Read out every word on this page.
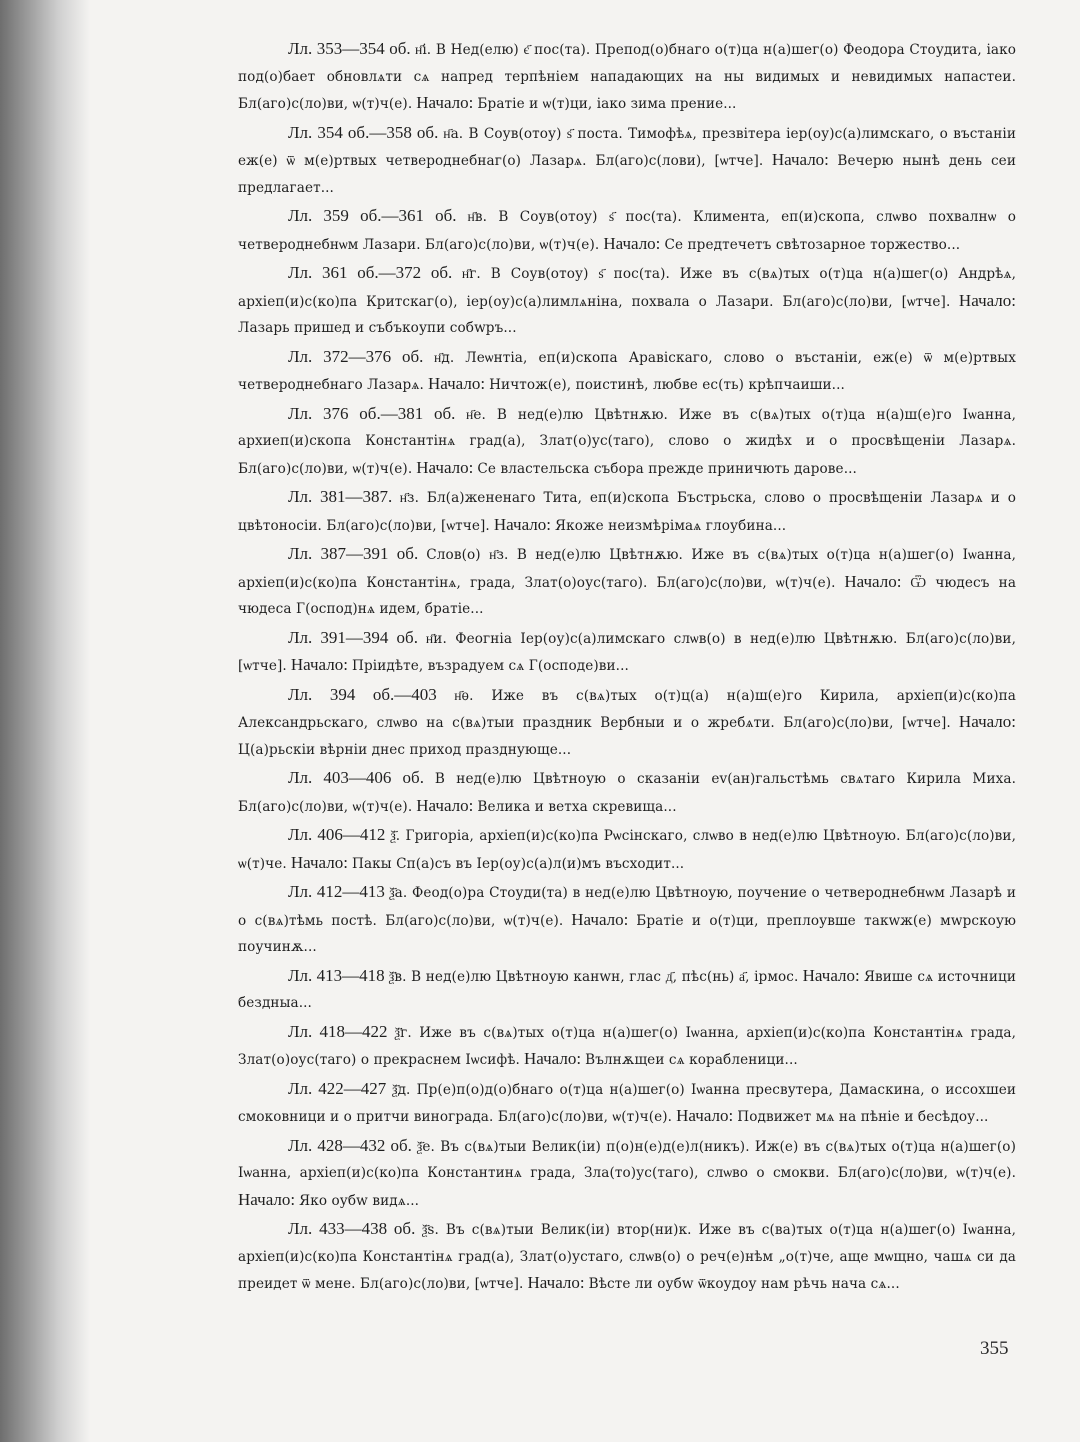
Лл. 353—354 об. н҃і. В Нед(елю) є҃ пос(та). Препод(о)бнаго о(т)ца н(а)шег(о) Феодора Стоудита, іако под(о)бает обновлѧти сѧ напред терпѣніем нападающих на ны видимых и невидимых напастеи. Бл(аго)с(ло)ви, ѡ(т)ч(е). Начало: Братіе и ѡ(т)ци, іако зима прение...

Лл. 354 об.—358 об. н҃а. В Соув(отоу) ѕ҃ поста. Тимофѣѧ, презвітера іер(оу)с(а)лимскаго, о въстаніи еж(е) ѿ м(е)ртвых четвероднебнаг(о) Лазарѧ. Бл(аго)с(лови), [ѡтче]. Начало: Вечерю нынѣ день сеи предлагает...

Лл. 359 об.—361 об. н҃в. В Соув(отоу) ѕ҃ пос(та). Климента, еп(и)скопа, слѡво похвалнѡ о четвероднебнѡм Лазари. Бл(аго)с(ло)ви, ѡ(т)ч(е). Начало: Се предтечетъ свѣтозарное торжество...

Лл. 361 об.—372 об. н҃г. В Соув(отоу) ѕ҃ пос(та). Иже въ с(вѧ)тых о(т)ца н(а)шег(о) Андрѣѧ, архіеп(и)с(ко)па Критскаг(о), іер(оу)с(а)лимлѧніна, похвала о Лазари. Бл(аго)с(ло)ви, [ѡтче]. Начало: Лазарь пришед и събъкоупи собwръ...

Лл. 372—376 об. н҃д. Леѡнтіа, еп(и)скопа Аравіскаго, слово о въстаніи, еж(е) ѿ м(е)ртвых четвероднебнаго Лазарѧ. Начало: Ничтож(е), поистинѣ, любве ес(ть) крѣпчаиши...

Лл. 376 об.—381 об. н҃е. В нед(е)лю Цвѣтнѫю. Иже въ с(вѧ)тых о(т)ца н(а)ш(е)го Іѡанна, архиеп(и)скопа Константінѧ град(а), Злат(о)ус(таго), слово о жидѣх и о просвѣщеніи Лазарѧ. Бл(аго)с(ло)ви, ѡ(т)ч(е). Начало: Се властельска съборa прежде приничють дарове...

Лл. 381—387. н҃з. Бл(а)жененаго Тита, еп(и)скопа Бъстрьска, слово о просвѣщеніи Лазарѧ и о цвѣтоносіи. Бл(аго)с(ло)ви, [ѡтче]. Начало: Якоже неизмѣрімаѧ глоубина...

Лл. 387—391 об. Слов(о) н҃з. В нед(е)лю Цвѣтнѫю. Иже въ с(вѧ)тых о(т)ца н(а)шег(о) Іѡанна, архіеп(и)с(ко)па Константінѧ, града, Злат(о)оус(таго). Бл(аго)с(ло)ви, ѡ(т)ч(е). Начало: Ѿ чюдесъ на чюдеса Г(оспод)нѧ идем, братіе...

Лл. 391—394 об. н҃и. Феогніа Іер(оу)с(а)лимскаго слѡв(о) в нед(е)лю Цвѣтнѫю. Бл(аго)с(ло)ви, [ѡтче]. Начало: Пріидѣте, възрадуем сѧ Г(осподе)ви...

Лл. 394 об.—403 н҃ѳ. Иже въ с(вѧ)тых о(т)ц(а) н(а)ш(е)го Кирила, архіеп(и)с(ко)па Александрьскаго, слѡво на с(вѧ)тыи праздник Вербныи и о жребѧти. Бл(аго)с(ло)ви, [ѡтче]. Начало: Ц(а)рьскіи вѣрніи днес приход празднующе...

Лл. 403—406 об. В нед(е)лю Цвѣтноую о сказаніи еv(ан)гальстѣмь свѧтаго Кирила Миха. Бл(аго)с(ло)ви, ѡ(т)ч(е). Начало: Велика и ветха скревища...

Лл. 406—412 ѯ҃. Григоріа, архіеп(и)с(ко)па Рѡсінскаго, слѡво в нед(е)лю Цвѣтноую. Бл(аго)с(ло)ви, ѡ(т)че. Начало: Пакы Сп(а)съ въ Іер(оу)с(а)л(и)мъ въсходит...

Лл. 412—413 ѯ҃а. Феод(о)ра Стоуди(та) в нед(е)лю Цвѣтноую, поучение о четвероднебнѡм Лазарѣ и о с(вѧ)тѣмь постѣ. Бл(аго)с(ло)ви, ѡ(т)ч(е). Начало: Братіе и о(т)ци, преплоувше такwж(е) мwрскоую поучинѫ...

Лл. 413—418 ѯ҃в. В нед(е)лю Цвѣтноую канwн, глас д҃, пѣс(нь) а҃, ірмос. Начало: Явише сѧ источници бездныа...

Лл. 418—422 ѯ҃г. Иже въ с(вѧ)тых о(т)ца н(а)шег(о) Іѡанна, архіеп(и)с(ко)па Константінѧ града, Злат(о)оус(таго) о прекраснем Іѡсифѣ. Начало: Вълнѫщеи сѧ корабленици...

Лл. 422—427 ѯ҃д. Пр(е)п(о)д(о)бнаго о(т)ца н(а)шег(о) Іѡанна пресвутера, Дамаскина, о иссохшеи смоковници и о притчи винограда. Бл(аго)с(ло)ви, ѡ(т)ч(е). Начало: Подвижет мѧ на пѣніе и бесѣдоу...

Лл. 428—432 об. ѯ҃е. Въ с(вѧ)тыи Велик(іи) п(о)н(е)д(е)л(никъ). Иж(е) въ с(вѧ)тых о(т)ца н(а)шег(о) Іѡанна, архіеп(и)с(ко)па Константинѧ града, Зла(то)ус(таго), слѡво о смокви. Бл(аго)с(ло)ви, ѡ(т)ч(е). Начало: Яко оубw видѧ...

Лл. 433—438 об. ѯ҃ѕ. Въ с(вѧ)тыи Велик(іи) втор(ни)к. Иже въ с(ва)тых о(т)ца н(а)шег(о) Іѡанна, архіеп(и)с(ко)па Константінѧ град(а), Злат(о)устаго, слѡв(о) о реч(е)нѣм „о(т)че, аще мѡщно, чашѧ си да преидет ѿ мене. Бл(аго)с(ло)ви, [ѡтче]. Начало: Вѣсте ли оубw ѿкоудоу нам рѣчь нача сѧ...

355
